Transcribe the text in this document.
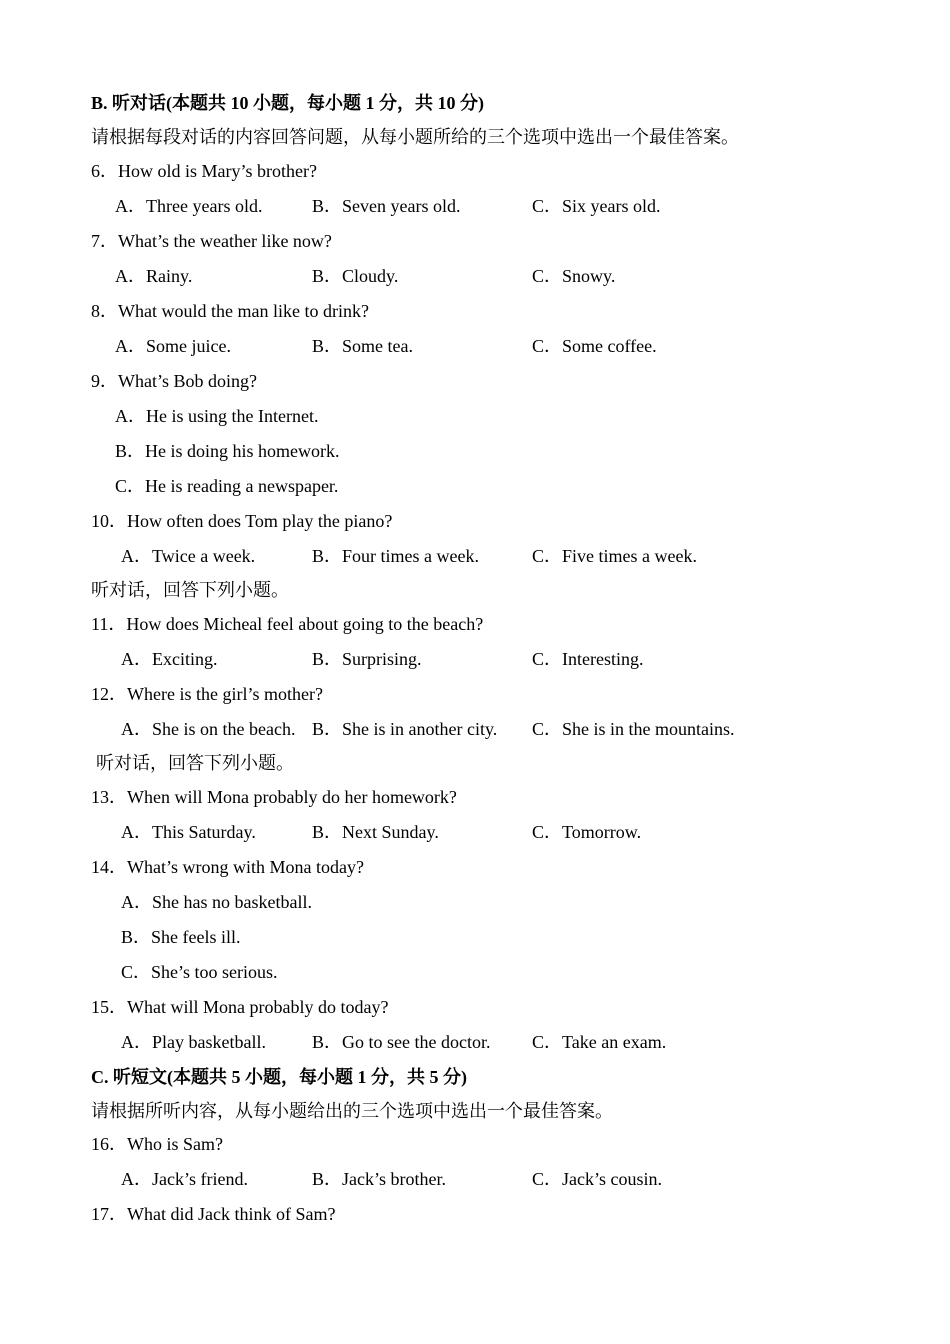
B. 听对话(本题共 10 小题，每小题 1 分，共 10 分)
请根据每段对话的内容回答问题，从每小题所给的三个选项中选出一个最佳答案。
6．How old is Mary’s brother?
A．Three years old.	B．Seven years old.	C．Six years old.
7．What’s the weather like now?
A．Rainy.	B．Cloudy.	C．Snowy.
8．What would the man like to drink?
A．Some juice.	B．Some tea.	C．Some coffee.
9．What’s Bob doing?
A．He is using the Internet.
B．He is doing his homework.
C．He is reading a newspaper.
10．How often does Tom play the piano?
A．Twice a week.	B．Four times a week.	C．Five times a week.
听对话，回答下列小题。
11．How does Micheal feel about going to the beach?
A．Exciting.	B．Surprising.	C．Interesting.
12．Where is the girl’s mother?
A．She is on the beach. B．She is in another city. C．She is in the mountains.
听对话，回答下列小题。
13．When will Mona probably do her homework?
A．This Saturday.	B．Next Sunday.	C．Tomorrow.
14．What’s wrong with Mona today?
A．She has no basketball.
B．She feels ill.
C．She’s too serious.
15．What will Mona probably do today?
A．Play basketball.	B．Go to see the doctor. C．Take an exam.
C. 听短文(本题共 5 小题，每小题 1 分，共 5 分)
请根据所听内容，从每小题给出的三个选项中选出一个最佳答案。
16．Who is Sam?
A．Jack’s friend.	B．Jack’s brother.	C．Jack’s cousin.
17．What did Jack think of Sam?
